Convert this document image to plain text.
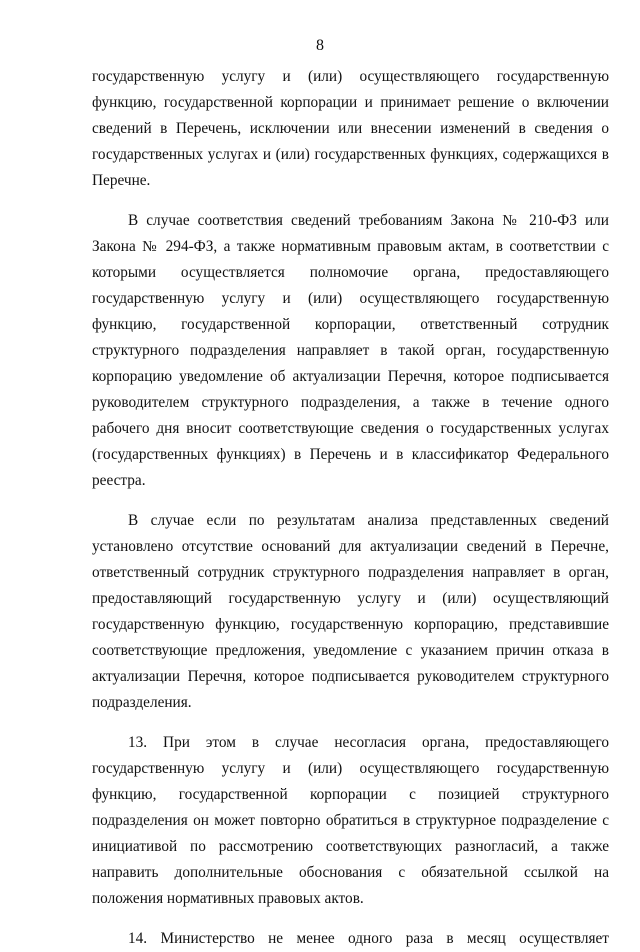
8

государственную услугу и (или) осуществляющего государственную функцию, государственной корпорации и принимает решение о включении сведений в Перечень, исключении или внесении изменений в сведения о государственных услугах и (или) государственных функциях, содержащихся в Перечне.

В случае соответствия сведений требованиям Закона № 210-ФЗ или Закона № 294-ФЗ, а также нормативным правовым актам, в соответствии с которыми осуществляется полномочие органа, предоставляющего государственную услугу и (или) осуществляющего государственную функцию, государственной корпорации, ответственный сотрудник структурного подразделения направляет в такой орган, государственную корпорацию уведомление об актуализации Перечня, которое подписывается руководителем структурного подразделения, а также в течение одного рабочего дня вносит соответствующие сведения о государственных услугах (государственных функциях) в Перечень и в классификатор Федерального реестра.

В случае если по результатам анализа представленных сведений установлено отсутствие оснований для актуализации сведений в Перечне, ответственный сотрудник структурного подразделения направляет в орган, предоставляющий государственную услугу и (или) осуществляющий государственную функцию, государственную корпорацию, представившие соответствующие предложения, уведомление с указанием причин отказа в актуализации Перечня, которое подписывается руководителем структурного подразделения.

13. При этом в случае несогласия органа, предоставляющего государственную услугу и (или) осуществляющего государственную функцию, государственной корпорации с позицией структурного подразделения он может повторно обратиться в структурное подразделение с инициативой по рассмотрению соответствующих разногласий, а также направить дополнительные обоснования с обязательной ссылкой на положения нормативных правовых актов.

14. Министерство не менее одного раза в месяц осуществляет
